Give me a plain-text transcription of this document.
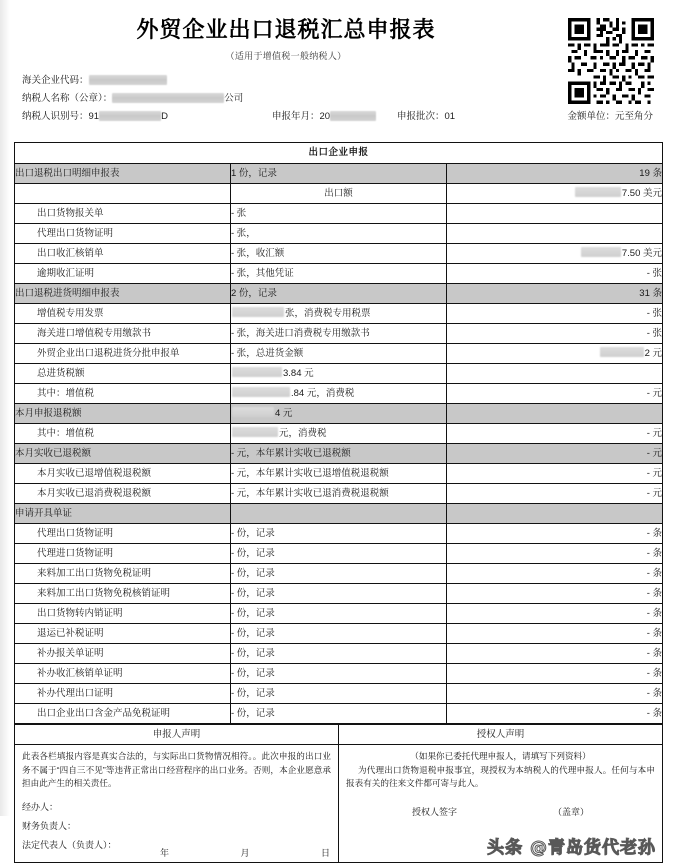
外贸企业出口退税汇总申报表
（适用于增值税一般纳税人）
海关企业代码：
纳税人名称（公章）：	公司
纳税人识别号：91	D	申报年月：20	申报批次：01	金额单位：元至角分
出口企业申报		
出口退税出口明细申报表	1 份，记录	19 条
	出口额	7.50 美元
出口货物报关单	- 张	
代理出口货物证明	- 张，	
出口收汇核销单	- 张，收汇额	7.50 美元
逾期收汇证明	- 张，其他凭证	- 张
出口退税进货明细申报表	2 份，记录	31 条
增值税专用发票	张，消费税专用税票	- 张
海关进口增值税专用缴款书	- 张，海关进口消费税专用缴款书	- 张
外贸企业出口退税进货分批申报单	- 张，总进货金额	2 元
总进货税额	3.84 元	
其中：增值税	.84 元，消费税	- 元
本月申报退税额	4 元	
其中：增值税	元，消费税	- 元
本月实收已退税额	- 元，本年累计实收已退税额	- 元
本月实收已退增值税退税额	- 元，本年累计实收已退增值税退税额	- 元
本月实收已退消费税退税额	- 元，本年累计实收已退消费税退税额	- 元
申请开具单证		
代理出口货物证明	- 份，记录	- 条
代理进口货物证明	- 份，记录	- 条
来料加工出口货物免税证明	- 份，记录	- 条
来料加工出口货物免税核销证明	- 份，记录	- 条
出口货物转内销证明	- 份，记录	- 条
退运已补税证明	- 份，记录	- 条
补办报关单证明	- 份，记录	- 条
补办收汇核销单证明	- 份，记录	- 条
补办代理出口证明	- 份，记录	- 条
出口企业出口含金产品免税证明	- 份，记录	- 条
申报人声明	授权人声明

此表各栏填报内容是真实合法的，与实际出口货物情况相符。。此次申报的出口业务不属于“四自三不见”等违背正常出口经营程序的出口业务。否则，本企业愿意承担由此产生的相关责任。
经办人：
财务负责人：
法定代表人（负责人）：
年	月	日

（如果你已委托代理申报人，请填写下列资料）
为代理出口货物退税申报事宜，现授权为本纳税人的代理申报人。任何与本申报表有关的往来文件都可寄与此人。
授权人签字	（盖章）
头条 @青岛货代老孙
